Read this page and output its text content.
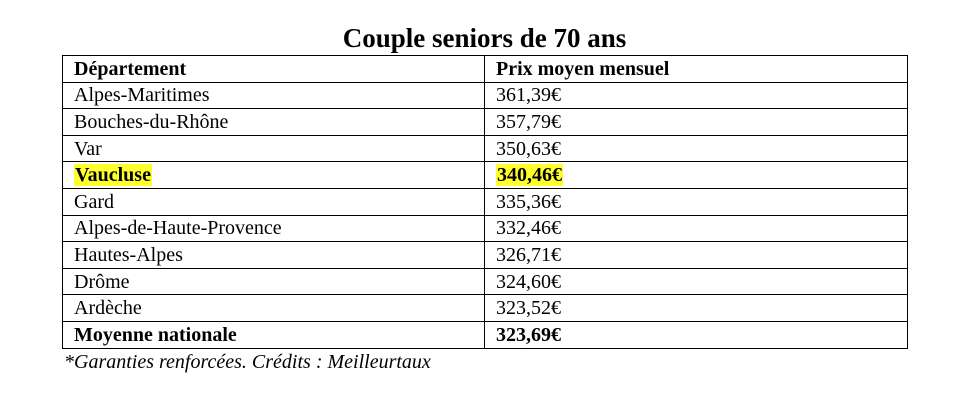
Couple seniors de 70 ans
Département	Prix moyen mensuel
Alpes-Maritimes	361,39€
Bouches-du-Rhône	357,79€
Var	350,63€
Vaucluse	340,46€
Gard	335,36€
Alpes-de-Haute-Provence	332,46€
Hautes-Alpes	326,71€
Drôme	324,60€
Ardèche	323,52€
Moyenne nationale	323,69€
*Garanties renforcées. Crédits : Meilleurtaux
